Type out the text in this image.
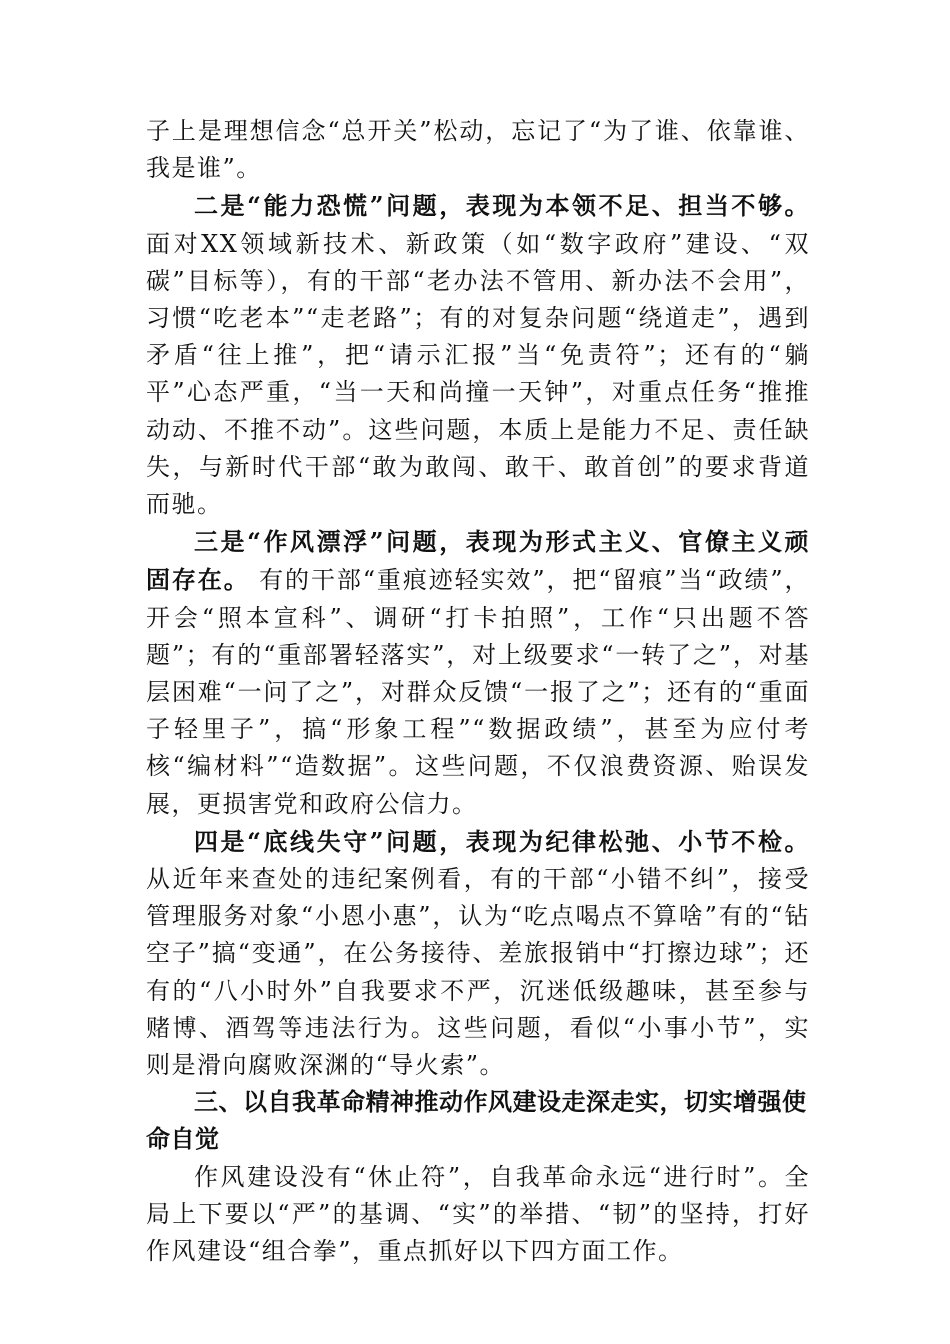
子上是理想信念“总开关”松动，忘记了“为了谁、依靠谁、我是谁”。

二是“能力恐慌”问题，表现为本领不足、担当不够。 面对XX领域新技术、新政策（如“数字政府”建设、“双碳”目标等），有的干部“老办法不管用、新办法不会用”，习惯“吃老本”“走老路”；有的对复杂问题“绕道走”，遇到矛盾“往上推”，把“请示汇报”当“免责符”；还有的“躺平”心态严重，“当一天和尚撞一天钟”，对重点任务“推推动动、不推不动”。这些问题，本质上是能力不足、责任缺失，与新时代干部“敢为敢闯、敢干、敢首创”的要求背道而驰。

三是“作风漂浮”问题，表现为形式主义、官僚主义顽固存在。 有的干部“重痕迹轻实效”，把“留痕”当“政绩”，开会“照本宣科”、调研“打卡拍照”，工作“只出题不答题”；有的“重部署轻落实”，对上级要求“一转了之”，对基层困难“一问了之”，对群众反馈“一报了之”；还有的“重面子轻里子”，搞“形象工程”“数据政绩”，甚至为应付考核“编材料”“造数据”。这些问题，不仅浪费资源、贻误发展，更损害党和政府公信力。

四是“底线失守”问题，表现为纪律松弛、小节不检。 从近年来查处的违纪案例看，有的干部“小错不纠”，接受管理服务对象“小恩小惠”，认为“吃点喝点不算啥”有的“钻空子”搞“变通”，在公务接待、差旅报销中“打擦边球”；还有的“八小时外”自我要求不严，沉迷低级趣味，甚至参与赌博、酒驾等违法行为。这些问题，看似“小事小节”，实则是滑向腐败深渊的“导火索”。

三、以自我革命精神推动作风建设走深走实，切实增强使命自觉

作风建设没有“休止符”，自我革命永远“进行时”。全局上下要以“严”的基调、“实”的举措、“韧”的坚持，打好作风建设“组合拳”，重点抓好以下四方面工作。
